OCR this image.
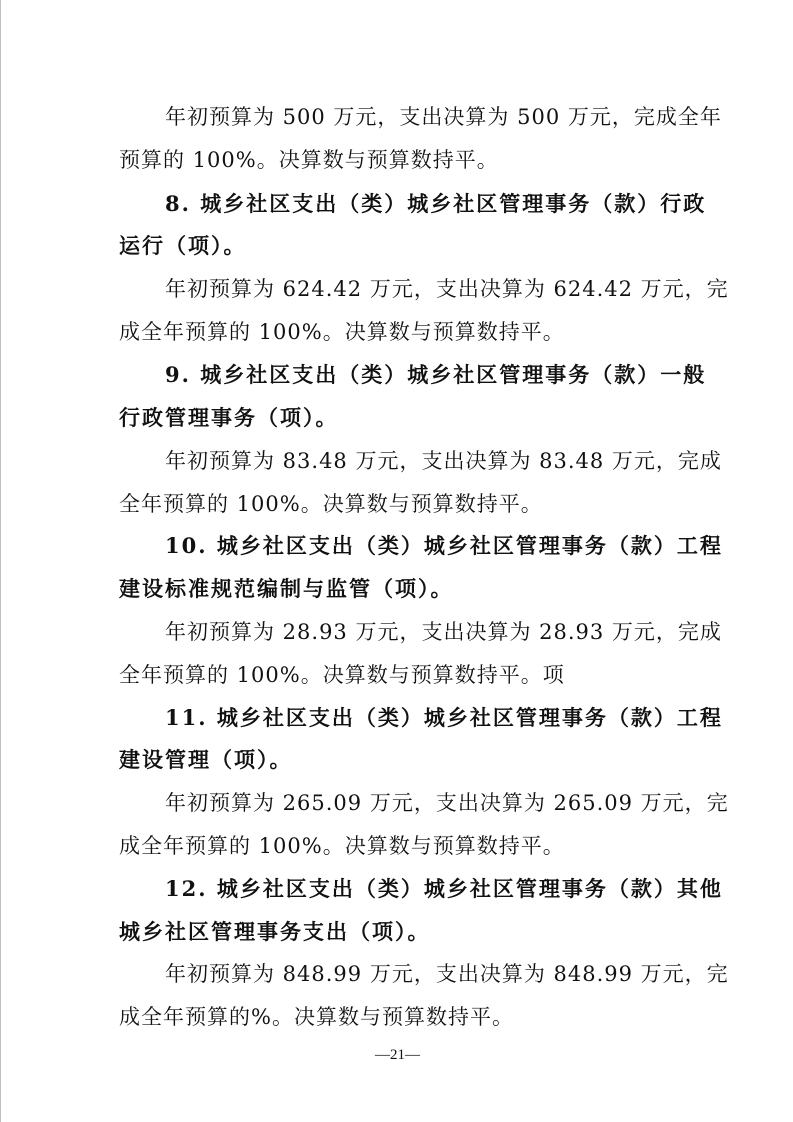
年初预算为 500 万元，支出决算为 500 万元，完成全年
预算的 100%。决算数与预算数持平。
8. 城乡社区支出（类）城乡社区管理事务（款）行政
运行（项）。
年初预算为 624.42 万元，支出决算为 624.42 万元，完
成全年预算的 100%。决算数与预算数持平。
9. 城乡社区支出（类）城乡社区管理事务（款）一般
行政管理事务（项）。
年初预算为 83.48 万元，支出决算为 83.48 万元，完成
全年预算的 100%。决算数与预算数持平。
10. 城乡社区支出（类）城乡社区管理事务（款）工程
建设标准规范编制与监管（项）。
年初预算为 28.93 万元，支出决算为 28.93 万元，完成
全年预算的 100%。决算数与预算数持平。项
11. 城乡社区支出（类）城乡社区管理事务（款）工程
建设管理（项）。
年初预算为 265.09 万元，支出决算为 265.09 万元，完
成全年预算的 100%。决算数与预算数持平。
12. 城乡社区支出（类）城乡社区管理事务（款）其他
城乡社区管理事务支出（项）。
年初预算为 848.99 万元，支出决算为 848.99 万元，完
成全年预算的%。决算数与预算数持平。
—21—
